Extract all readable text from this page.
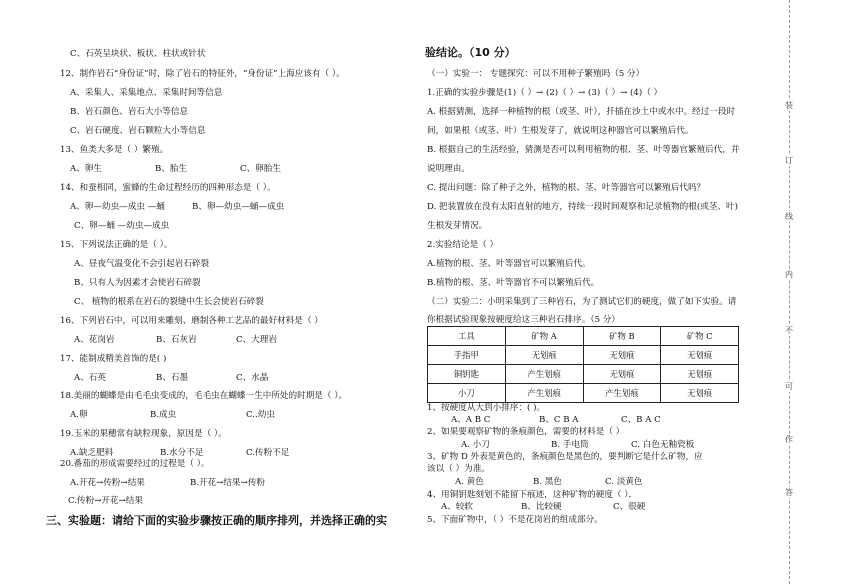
C、石英呈块状、板状、柱状或针状
12、制作岩石“身份证”时，除了岩石的特征外，“身份证”上海应该有（ ）。
A、采集人、采集地点、采集时间等信息
B、岩石颜色、岩石大小等信息
C、岩石硬度、岩石颗粒大小等信息
13、鱼类大多是（ ）繁殖。
A、卵生	B、胎生	C、卵胎生
14、和蚕相同，蜜蜂的生命过程经历的四种形态是（ ）。
A、卵—幼虫—成虫 —蛹	B、卵—幼虫—蛹—成虫
C、卵—蛹 —幼虫—成虫
15、下列说法正确的是（ ）。
A、昼夜气温变化不会引起岩石碎裂
B、只有人为因素才会使岩石碎裂
C、 植物的根系在岩石的裂缝中生长会使岩石碎裂
16、下列岩石中，可以用来雕刻、磨制各种工艺品的最好材料是（ ）
A、花岗岩	B、石灰岩	C、大理岩
17、能制成精美首饰的是( )
A、石英	B、石墨	C、水晶
18.美丽的蝴蝶是由毛毛虫变成的，毛毛虫在蝴蝶一生中所处的时期是（ ）。
A.卵	B.成虫	C..幼虫
19.玉米的果穗常有缺粒现象，原因是（ ）。
A.缺乏肥料	B.水分不足	C.传粉不足
20.番茄的形成需要经过的过程是（ ）。
A.开花→传粉→结果	B.开花→结果→传粉
C.传粉→开花→结果
三、实验题：请给下面的实验步骤按正确的顺序排列，并选择正确的实
验结论。（10 分）
（一）实验一： 专题探究：可以不用种子繁殖吗（5 分）
1.正确的实验步骤是(1)（ ）→ (2)（ ）→ (3)（ ）→ (4)（ ）
A. 根据猜测，选择一种植物的根（或茎、叶），扦插在沙土中或水中。经过一段时
间，如果根（或茎、叶）生根发芽了，就说明这种器官可以繁殖后代。
B. 根据自己的生活经验，猜测是否可以利用植物的根、茎、叶等器官繁殖后代，并
说明理由。
C. 提出问题：除了种子之外，植物的根、茎、叶等器官可以繁殖后代吗？
D. 把装置放在没有太阳直射的地方，持续一段时间观察和记录植物的根(或茎、叶)
生根发芽情况。
2.实验结论是（ ）
A.植物的根、茎、叶等器官可以繁殖后代。
B.植物的根、茎、叶等器官不可以繁殖后代。
（二）实验二：小明采集到了三种岩石，为了测试它们的硬度，做了如下实验。请
你根据试验现象按硬度给这三种岩石排序。（5 分）
工具	矿物 A	矿物 B	矿物 C
手指甲	无划痕	无划痕	无划痕
铜钥匙	产生划痕	无划痕	无划痕
小刀	产生划痕	产生划痕	无划痕
1、按硬度从大到小排序：( )。
A、A B C	B、C B A	C、B A C
2、如果要观察矿物的条痕颜色，需要的材料是（ ）
A. 小刀	B. 手电筒	C. 白色无釉瓷板
3、矿物 D 外表是黄色的，条痕颜色是黑色的，要判断它是什么矿物，应
该以（ ）为准。
A. 黄色	B. 黑色	C. 淡黄色
4、用铜钥匙刻划不能留下痕迹，这种矿物的硬度（ ）．
A、较软	B、比较硬	C、很硬
5、下面矿物中，（ ）不是花岗岩的组成部分。
装
订
线
内
不
可
作
答
